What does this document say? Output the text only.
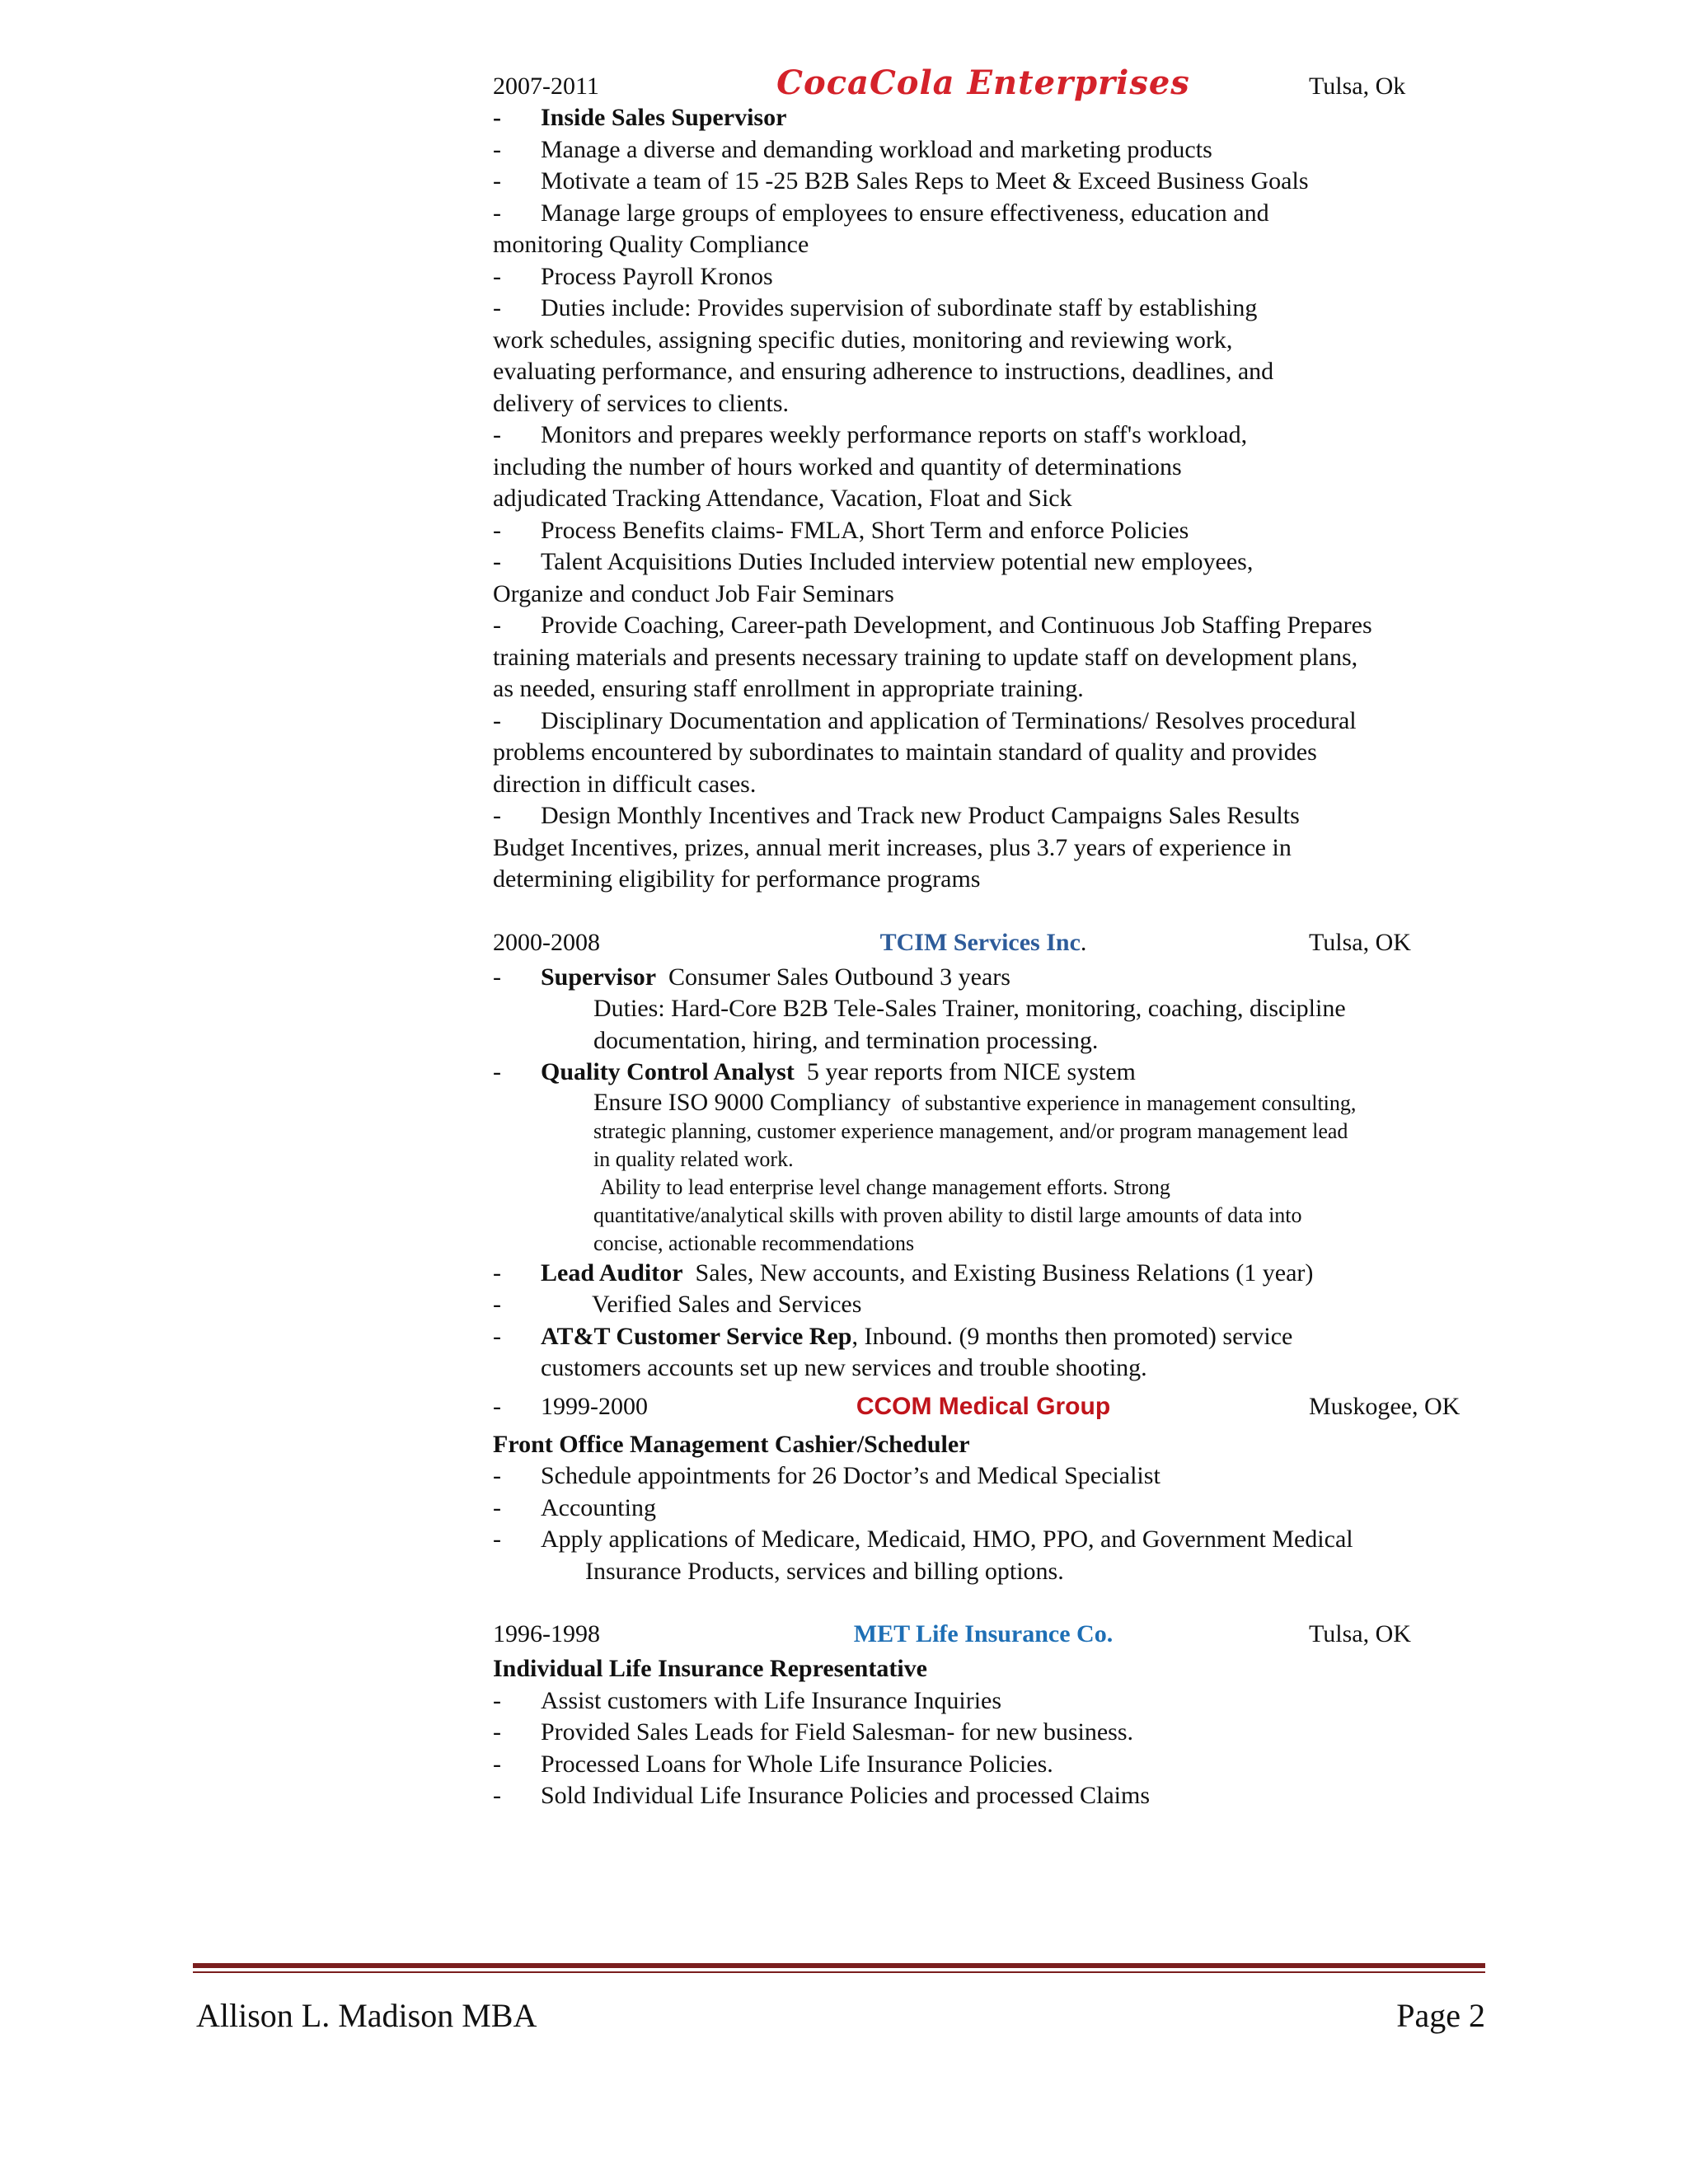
2007-2011	CocaCola Enterprises	Tulsa, Ok
-	Inside Sales Supervisor
-	Manage a diverse and demanding workload and marketing products
-	Motivate a team of 15 -25 B2B Sales Reps to Meet & Exceed Business Goals
-	Manage large groups of employees to ensure effectiveness, education and

monitoring Quality Compliance

-	Process Payroll Kronos
-	Duties include: Provides supervision of subordinate staff by establishing

work schedules, assigning specific duties, monitoring and reviewing work,

evaluating performance, and ensuring adherence to instructions, deadlines, and

delivery of services to clients.

-	Monitors and prepares weekly performance reports on staff's workload,

including the number of hours worked and quantity of determinations

adjudicated Tracking Attendance, Vacation, Float and Sick

-	Process Benefits claims- FMLA, Short Term and enforce Policies
-	Talent Acquisitions Duties Included interview potential new employees,

Organize and conduct Job Fair Seminars

-	Provide Coaching, Career-path Development, and Continuous Job Staffing Prepares

training materials and presents necessary training to update staff on development plans,

as needed, ensuring staff enrollment in appropriate training.

-	Disciplinary Documentation and application of Terminations/ Resolves procedural

problems encountered by subordinates to maintain standard of quality and provides

direction in difficult cases.

-	Design Monthly Incentives and Track new Product Campaigns Sales Results

Budget Incentives, prizes, annual merit increases, plus 3.7 years of experience in

determining eligibility for performance programs

2000-2008	TCIM Services Inc.	Tulsa, OK
-	Supervisor Consumer Sales Outbound 3 years

Duties: Hard-Core B2B Tele-Sales Trainer, monitoring, coaching, discipline

documentation, hiring, and termination processing.

-	Quality Control Analyst 5 year reports from NICE system
Ensure ISO 9000 Compliancy of substantive experience in management consulting,
strategic planning, customer experience management, and/or program management lead
in quality related work.
Ability to lead enterprise level change management efforts. Strong
quantitative/analytical skills with proven ability to distil large amounts of data into
concise, actionable recommendations
-	Lead Auditor Sales, New accounts, and Existing Business Relations (1 year)
-	Verified Sales and Services
-	AT&T Customer Service Rep, Inbound. (9 months then promoted) service

customers accounts set up new services and trouble shooting.

-	1999-2000	CCOM Medical Group	Muskogee, OK

Front Office Management Cashier/Scheduler

-	Schedule appointments for 26 Doctor’s and Medical Specialist
-	Accounting
-	Apply applications of Medicare, Medicaid, HMO, PPO, and Government Medical

Insurance Products, services and billing options.

1996-1998	MET Life Insurance Co.	Tulsa, OK

Individual Life Insurance Representative

-	Assist customers with Life Insurance Inquiries
-	Provided Sales Leads for Field Salesman- for new business.
-	Processed Loans for Whole Life Insurance Policies.
-	Sold Individual Life Insurance Policies and processed Claims
Allison L. Madison MBA	Page 2
